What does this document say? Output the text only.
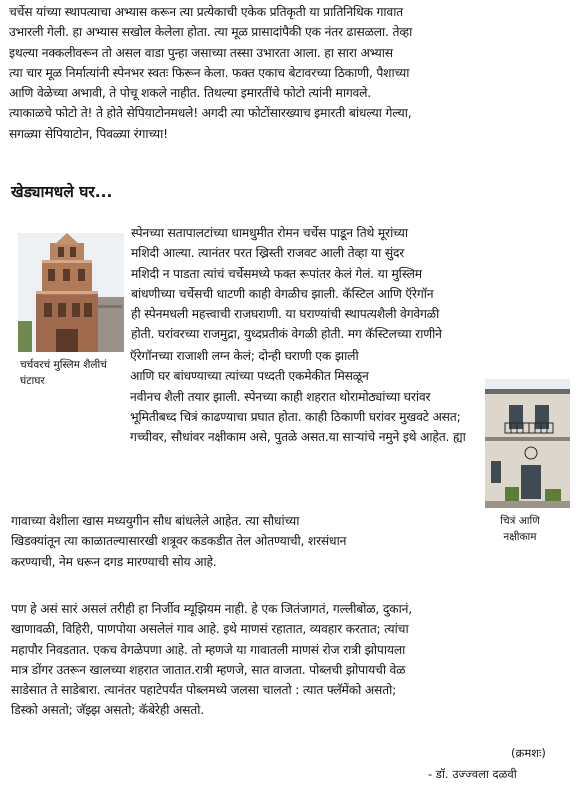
चर्चेस यांच्या स्थापत्याचा अभ्यास करून त्या प्रत्येकाची एकेक प्रतिकृती या प्रातिनिधिक गावात
उभारली गेली. हा अभ्यास सखोल केलेला होता. त्या मूळ प्रासादांपैकी एक नंतर ढासळला. तेव्हा
इथल्या नक्कलीवरून तो असल वाडा पुन्हा जसाच्या तस्सा उभारता आला. हा सारा अभ्यास
त्या चार मूळ निर्मात्यांनी स्पेनभर स्वतः फिरून केला. फक्त एकाच बेटावरच्या ठिकाणी, पैशाच्या
आणि वेळेच्या अभावी, ते पोचू शकले नाहीत. तिथल्या इमारतींचे फोटो त्यांनी मागवले.
त्याकाळचे फोटो ते! ते होते सेपियाटोनमधले! अगदी त्या फोटोंसारख्याच इमारती बांधल्या गेल्या,
सगळ्या सेपियाटोन, पिवळ्या रंगाच्या!
खेड्यामधले घर...
चर्चवरचं मुस्लिम शैलीचं
घंटाघर
स्पेनच्या सतापालटांच्या धामधुमीत रोमन चर्चेस पाडून तिथे मूरांच्या
मशिदी आल्या. त्यानंतर परत ख्रिस्ती राजवट आली तेव्हा या सुंदर
मशिदी न पाडता त्यांचं चर्चेसमध्ये फक्त रूपांतर केलं गेलं. या मुस्लिम
बांधणीच्या चर्चेसची धाटणी काही वेगळीच झाली. कॅस्टिल आणि ऍरेगॉन
ही स्पेनमधली महत्त्वाची राजघराणी. या घराण्यांची स्थापत्यशैली वेगवेगळी
होती. घरांवरच्या राजमुद्रा, युध्दप्रतीकं वेगळी होती. मग कॅस्टिलच्या राणीने
ऍरेगॉनच्या राजाशी लग्न केलं; दोन्ही घराणी एक झाली
आणि घर बांधण्याच्या त्यांच्या पध्दती एकमेकीत मिसळून
नवीनच शैली तयार झाली. स्पेनच्या काही शहरात थोरामोठ्यांच्या घरांवर
भूमितीबध्द चित्रं काढण्याचा प्रघात होता. काही ठिकाणी घरांवर मुखवटे असत;
गच्चीवर, सौधांवर नक्षीकाम असे, पुतळे असत.या साऱ्यांचे नमुने इथे आहेत. ह्या
चित्रं आणि
नक्षीकाम
गावाच्या वेशीला खास मध्ययुगीन सौध बांधलेले आहेत. त्या सौधांच्या
खिडक्यांतून त्या काळातल्यासारखी शत्रूवर कडकडीत तेल ओतण्याची, शरसंधान
करण्याची, नेम धरून दगड मारण्याची सोय आहे.
पण हे असं सारं असलं तरीही हा निर्जीव म्यूझियम नाही. हे एक जितंजागतं, गल्लीबोळ, दुकानं,
खाणावळी, विहिरी, पाणपोया असलेलं गाव आहे. इथे माणसं रहातात, व्यवहार करतात; त्यांचा
महापौर निवडतात. एकच वेगळेपणा आहे. तो म्हणजे या गावातली माणसं रोज रात्री झोपायला
मात्र डोंगर उतरून खालच्या शहरात जातात.रात्री म्हणजे, सात वाजता. पोब्लची झोपायची वेळ
साडेसात ते साडेबारा. त्यानंतर पहाटेपर्यंत पोब्लमध्ये जलसा चालतो : त्यात फ्लॅमेंको असतो;
डिस्को असतो; जॅझ्झ असतो; कॅबेरेही असतो.
(क्रमशः)
- डॉ. उज्ज्वला दळवी
